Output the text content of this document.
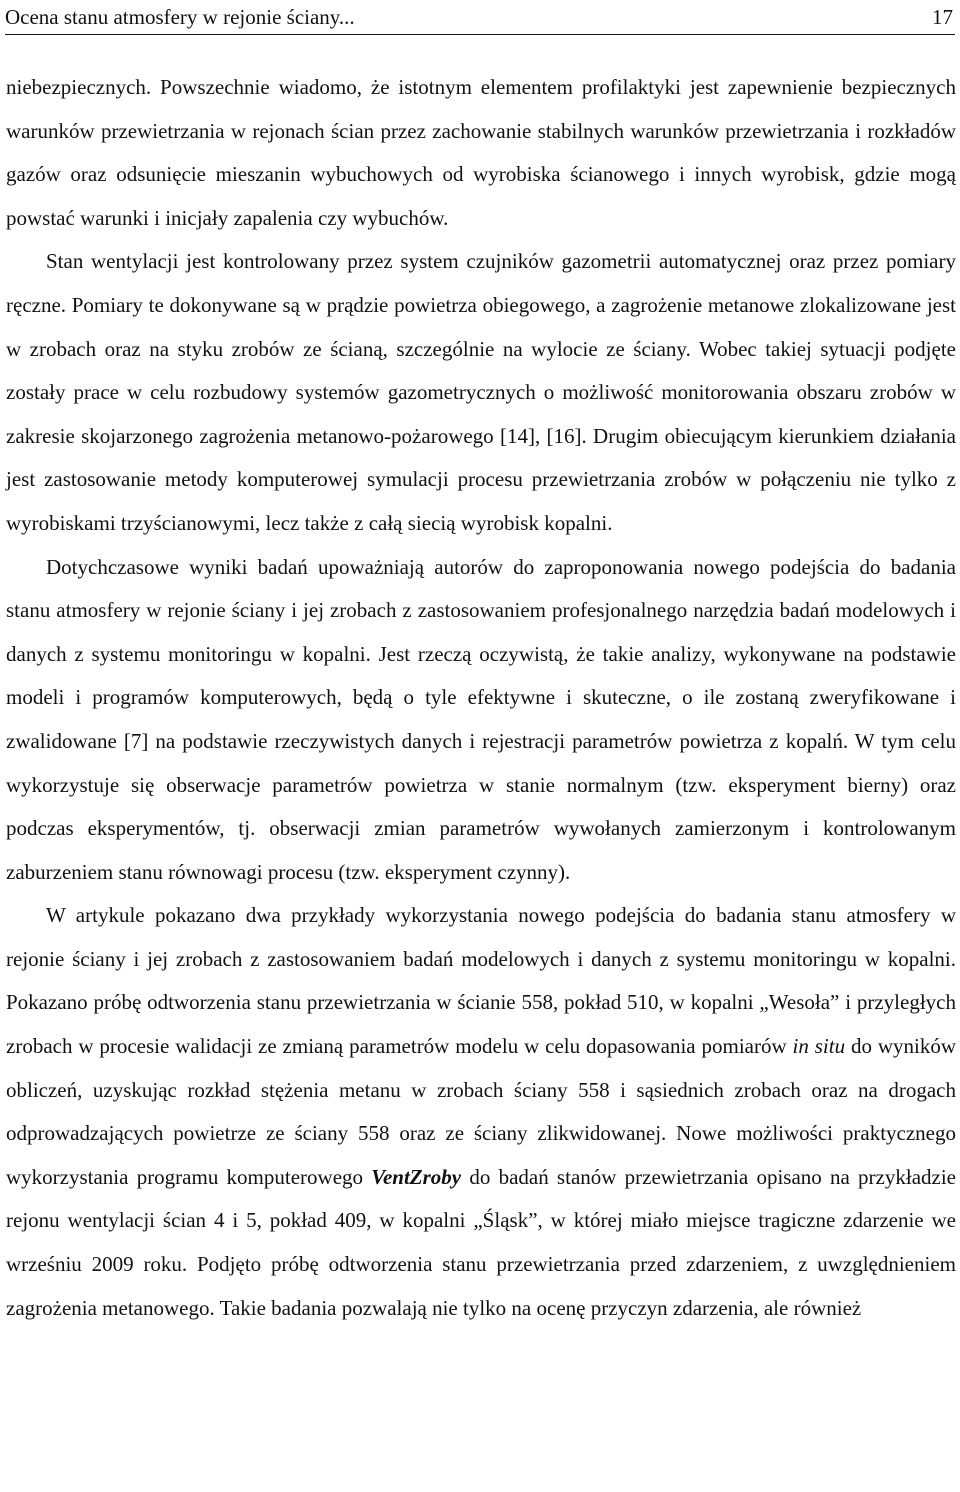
Ocena stanu atmosfery w rejonie ściany...	17

niebezpiecznych. Powszechnie wiadomo, że istotnym elementem profilaktyki jest zapewnienie bezpiecznych warunków przewietrzania w rejonach ścian przez zachowanie stabilnych warunków przewietrzania i rozkładów gazów oraz odsunięcie mieszanin wybuchowych od wyrobiska ścianowego i innych wyrobisk, gdzie mogą powstać warunki i inicjały zapalenia czy wybuchów.

Stan wentylacji jest kontrolowany przez system czujników gazometrii automatycznej oraz przez pomiary ręczne. Pomiary te dokonywane są w prądzie powietrza obiegowego, a zagrożenie metanowe zlokalizowane jest w zrobach oraz na styku zrobów ze ścianą, szczególnie na wylocie ze ściany. Wobec takiej sytuacji podjęte zostały prace w celu rozbudowy systemów gazometrycznych o możliwość monitorowania obszaru zrobów w zakresie skojarzonego zagrożenia metanowo-pożarowego [14], [16]. Drugim obiecującym kierunkiem działania jest zastosowanie metody komputerowej symulacji procesu przewietrzania zrobów w połączeniu nie tylko z wyrobiskami trzyścianowymi, lecz także z całą siecią wyrobisk kopalni.

Dotychczasowe wyniki badań upoważniają autorów do zaproponowania nowego podejścia do badania stanu atmosfery w rejonie ściany i jej zrobach z zastosowaniem profesjonalnego narzędzia badań modelowych i danych z systemu monitoringu w kopalni. Jest rzeczą oczywistą, że takie analizy, wykonywane na podstawie modeli i programów komputerowych, będą o tyle efektywne i skuteczne, o ile zostaną zweryfikowane i zwalidowane [7] na podstawie rzeczywistych danych i rejestracji parametrów powietrza z kopalń. W tym celu wykorzystuje się obserwacje parametrów powietrza w stanie normalnym (tzw. eksperyment bierny) oraz podczas eksperymentów, tj. obserwacji zmian parametrów wywołanych zamierzonym i kontrolowanym zaburzeniem stanu równowagi procesu (tzw. eksperyment czynny).

W artykule pokazano dwa przykłady wykorzystania nowego podejścia do badania stanu atmosfery w rejonie ściany i jej zrobach z zastosowaniem badań modelowych i danych z systemu monitoringu w kopalni. Pokazano próbę odtworzenia stanu przewietrzania w ścianie 558, pokład 510, w kopalni „Wesoła” i przyległych zrobach w procesie walidacji ze zmianą parametrów modelu w celu dopasowania pomiarów in situ do wyników obliczeń, uzyskując rozkład stężenia metanu w zrobach ściany 558 i sąsiednich zrobach oraz na drogach odprowadzających powietrze ze ściany 558 oraz ze ściany zlikwidowanej. Nowe możliwości praktycznego wykorzystania programu komputerowego VentZroby do badań stanów przewietrzania opisano na przykładzie rejonu wentylacji ścian 4 i 5, pokład 409, w kopalni „Śląsk”, w której miało miejsce tragiczne zdarzenie we wrześniu 2009 roku. Podjęto próbę odtworzenia stanu przewietrzania przed zdarzeniem, z uwzględnieniem zagrożenia metanowego. Takie badania pozwalają nie tylko na ocenę przyczyn zdarzenia, ale również
